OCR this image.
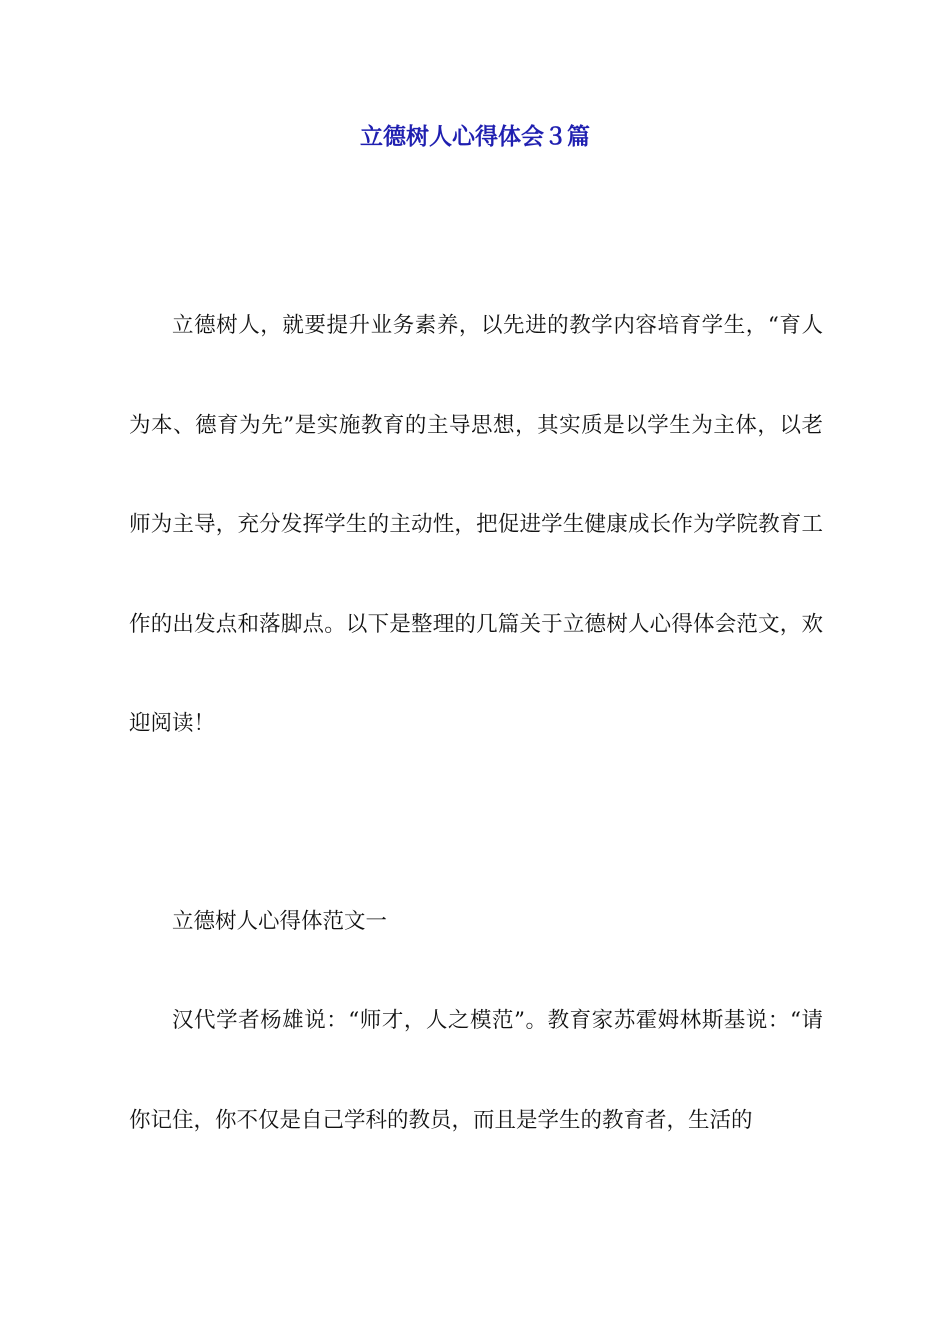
立德树人心得体会３篇

立德树人，就要提升业务素养，以先进的教学内容培育学生，“育人为本、德育为先”是实施教育的主导思想，其实质是以学生为主体，以老师为主导，充分发挥学生的主动性，把促进学生健康成长作为学院教育工作的出发点和落脚点。以下是整理的几篇关于立德树人心得体会范文，欢迎阅读！

立德树人心得体范文一

汉代学者杨雄说：“师才，人之模范”。教育家苏霍姆林斯基说：“请你记住，你不仅是自己学科的教员，而且是学生的教育者，生活的
